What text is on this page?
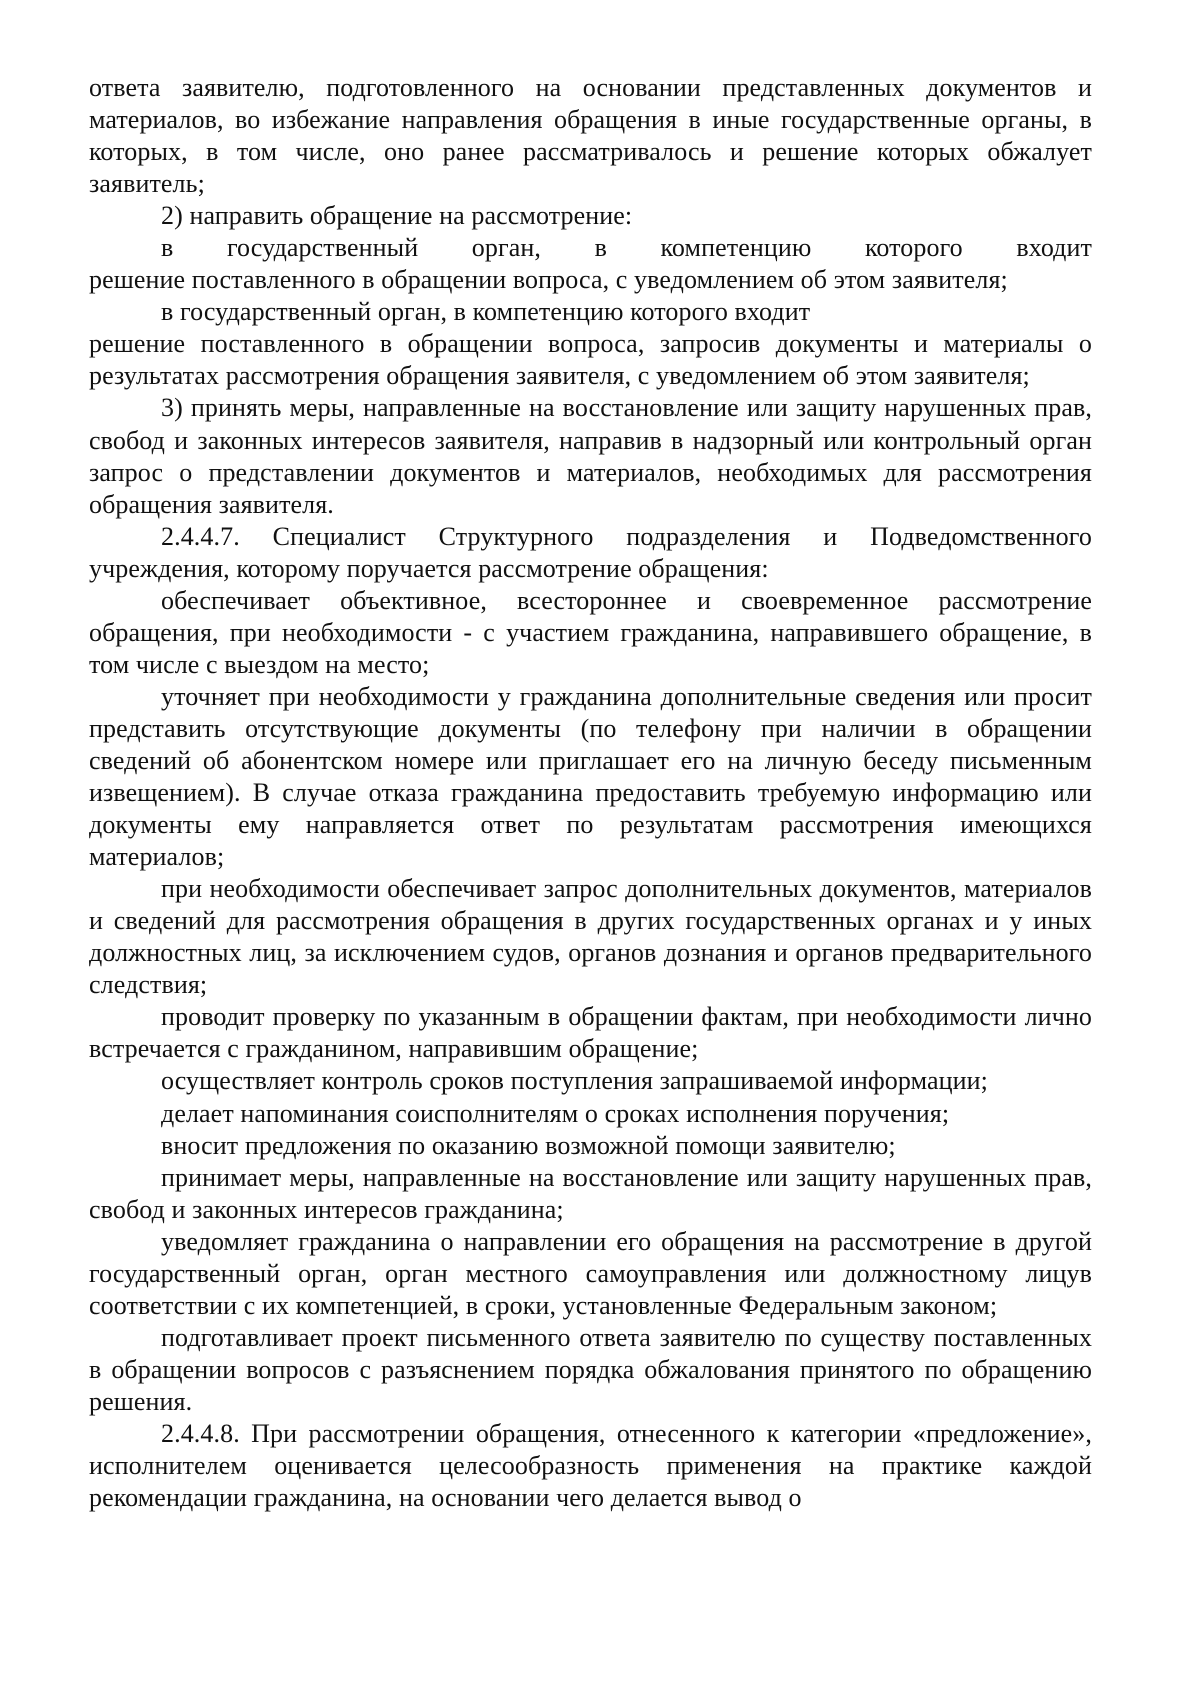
ответа заявителю, подготовленного на основании представленных документов и материалов, во избежание направления обращения в иные государственные органы, в которых, в том числе, оно ранее рассматривалось и решение которых обжалует заявитель;

2) направить обращение на рассмотрение:

в государственный орган, в компетенцию которого входит

решение поставленного в обращении вопроса, с уведомлением об этом заявителя;

в государственный орган, в компетенцию которого входит

решение поставленного в обращении вопроса, запросив документы и материалы о результатах рассмотрения обращения заявителя, с уведомлением об этом заявителя;

3) принять меры, направленные на восстановление или защиту нарушенных прав, свобод и законных интересов заявителя, направив в надзорный или контрольный орган запрос о представлении документов и материалов, необходимых для рассмотрения обращения заявителя.

2.4.4.7. Специалист Структурного подразделения и Подведомственного учреждения, которому поручается рассмотрение обращения:

обеспечивает объективное, всестороннее и своевременное рассмотрение обращения, при необходимости - с участием гражданина, направившего обращение, в том числе с выездом на место;

уточняет при необходимости у гражданина дополнительные сведения или просит представить отсутствующие документы (по телефону при наличии в обращении сведений об абонентском номере или приглашает его на личную беседу письменным извещением). В случае отказа гражданина предоставить требуемую информацию или документы ему направляется ответ по результатам рассмотрения имеющихся материалов;

при необходимости обеспечивает запрос дополнительных документов, материалов и сведений для рассмотрения обращения в других государственных органах и у иных должностных лиц, за исключением судов, органов дознания и органов предварительного следствия;

проводит проверку по указанным в обращении фактам, при необходимости лично встречается с гражданином, направившим обращение;

осуществляет контроль сроков поступления запрашиваемой информации;

делает напоминания соисполнителям о сроках исполнения поручения;

вносит предложения по оказанию возможной помощи заявителю;

принимает меры, направленные на восстановление или защиту нарушенных прав, свобод и законных интересов гражданина;

уведомляет гражданина о направлении его обращения на рассмотрение в другой государственный орган, орган местного самоуправления или должностному лицув соответствии с их компетенцией, в сроки, установленные Федеральным законом;

подготавливает проект письменного ответа заявителю по существу поставленных в обращении вопросов с разъяснением порядка обжалования принятого по обращению решения.

2.4.4.8. При рассмотрении обращения, отнесенного к категории «предложение», исполнителем оценивается целесообразность применения на практике каждой рекомендации гражданина, на основании чего делается вывод о
